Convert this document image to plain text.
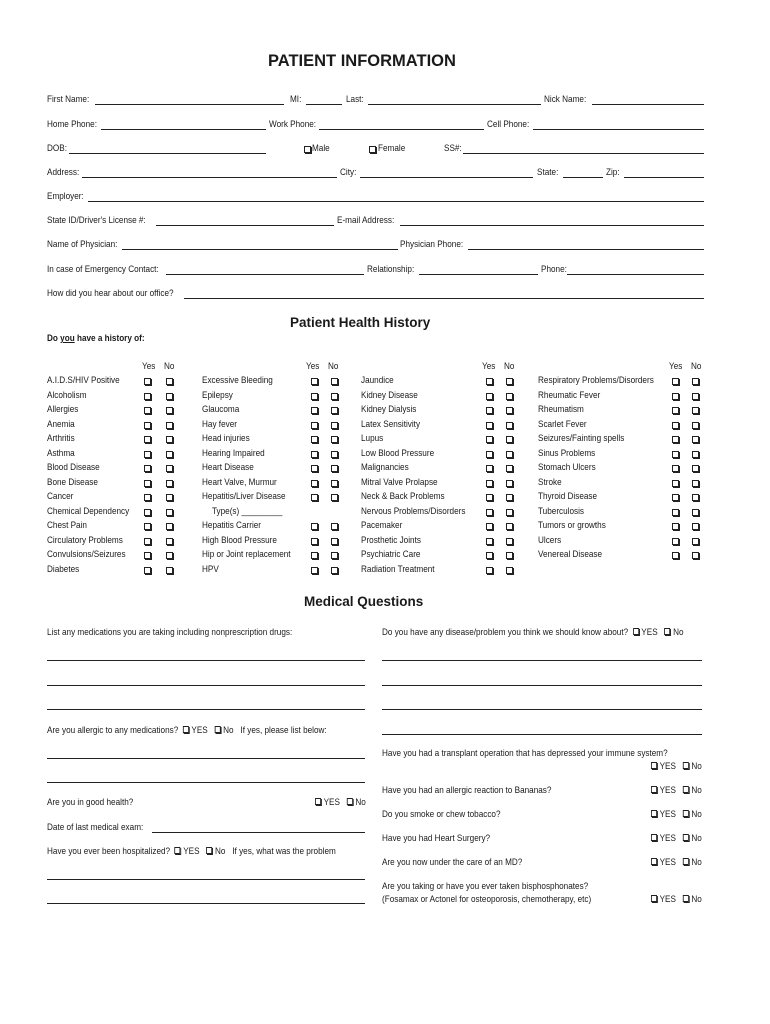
PATIENT INFORMATION
First Name:	MI:	Last:	Nick Name:
Home Phone:	Work Phone:	Cell Phone:
DOB:	Male	Female	SS#:
Address:	City:	State:	Zip:
Employer:
State ID/Driver's License #:	E-mail Address:
Name of Physician:	Physician Phone:
In case of Emergency Contact:	Relationship:	Phone:
How did you hear about our office?
Patient Health History
Do you have a history of:
Yes No
A.I.D.S/HIV Positive
Alcoholism
Allergies
Anemia
Arthritis
Asthma
Blood Disease
Bone Disease
Cancer
Chemical Dependency
Chest Pain
Circulatory Problems
Convulsions/Seizures
Diabetes
Yes No
Excessive Bleeding
Epilepsy
Glaucoma
Hay fever
Head injuries
Hearing Impaired
Heart Disease
Heart Valve, Murmur
Hepatitis/Liver Disease
Type(s) _________
Hepatitis Carrier
High Blood Pressure
Hip or Joint replacement
HPV
Yes No
Jaundice
Kidney Disease
Kidney Dialysis
Latex Sensitivity
Lupus
Low Blood Pressure
Malignancies
Mitral Valve Prolapse
Neck & Back Problems
Nervous Problems/Disorders
Pacemaker
Prosthetic Joints
Psychiatric Care
Radiation Treatment
Yes No
Respiratory Problems/Disorders
Rheumatic Fever
Rheumatism
Scarlet Fever
Seizures/Fainting spells
Sinus Problems
Stomach Ulcers
Stroke
Thyroid Disease
Tuberculosis
Tumors or growths
Ulcers
Venereal Disease
Medical Questions
List any medications you are taking including nonprescription drugs:
Are you allergic to any medications? YES No If yes, please list below:
Are you in good health?	YES No
Date of last medical exam:
Have you ever been hospitalized? YES No If yes, what was the problem
Do you have any disease/problem you think we should know about? YES No
Have you had a transplant operation that has depressed your immune system?
YES No
Have you had an allergic reaction to Bananas?	YES No
Do you smoke or chew tobacco?	YES No
Have you had Heart Surgery?	YES No
Are you now under the care of an MD?	YES No
Are you taking or have you ever taken bisphosphonates?
(Fosamax or Actonel for osteoporosis, chemotherapy, etc)	YES No
